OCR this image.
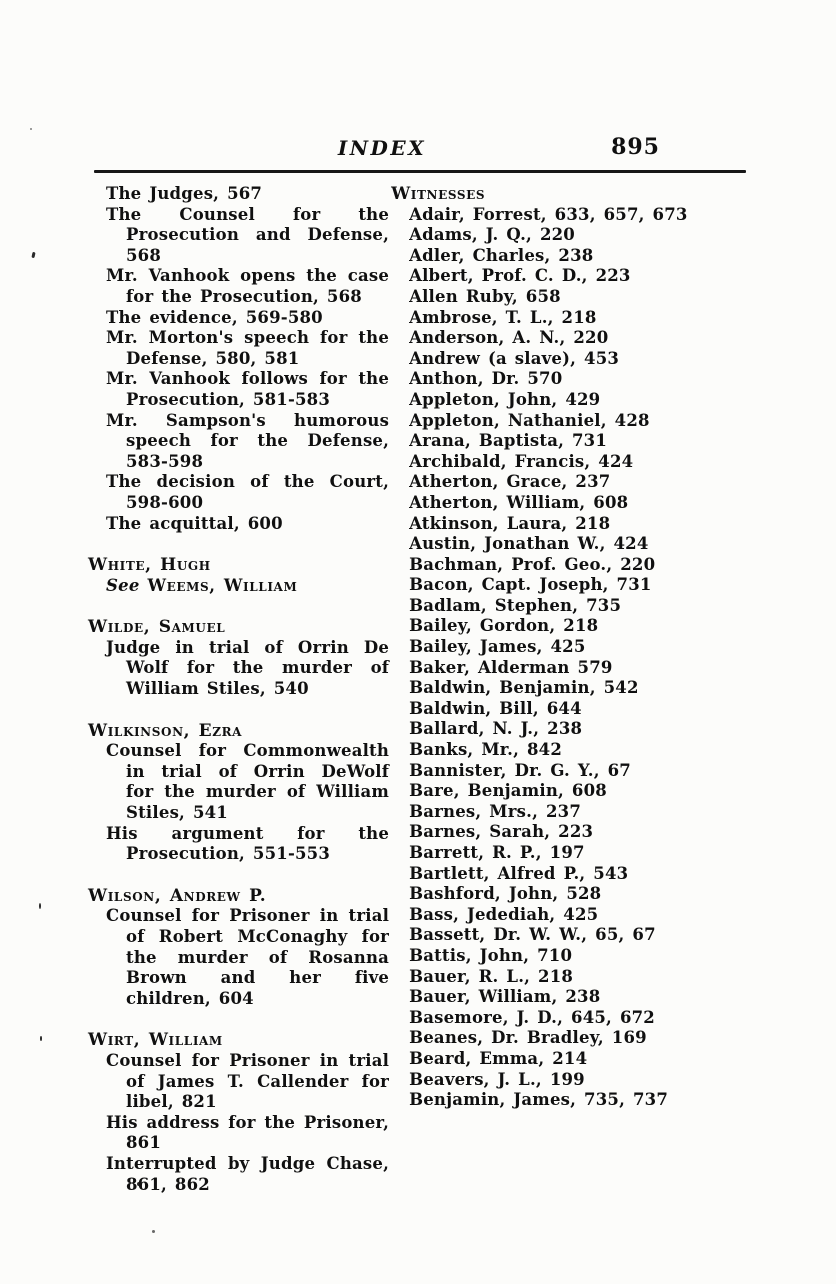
INDEX	895

The Judges, 567

The Counsel for the Prosecution and Defense, 568

Mr. Vanhook opens the case for the Prosecution, 568

The evidence, 569-580

Mr. Morton's speech for the Defense, 580, 581

Mr. Vanhook follows for the Prosecution, 581-583

Mr. Sampson's humorous speech for the Defense, 583-598

The decision of the Court, 598-600

The acquittal, 600

White, Hugh

See Weems, William

Wilde, Samuel

Judge in trial of Orrin De Wolf for the murder of William Stiles, 540

Wilkinson, Ezra

Counsel for Commonwealth in trial of Orrin DeWolf for the murder of William Stiles, 541

His argument for the Prosecution, 551-553

Wilson, Andrew P.

Counsel for Prisoner in trial of Robert McConaghy for the murder of Rosanna Brown and her five children, 604

Wirt, William

Counsel for Prisoner in trial of James T. Callender for libel, 821

His address for the Prisoner, 861

Interrupted by Judge Chase, 861, 862

Witnesses

Adair, Forrest, 633, 657, 673

Adams, J. Q., 220

Adler, Charles, 238

Albert, Prof. C. D., 223

Allen Ruby, 658

Ambrose, T. L., 218

Anderson, A. N., 220

Andrew (a slave), 453

Anthon, Dr. 570

Appleton, John, 429

Appleton, Nathaniel, 428

Arana, Baptista, 731

Archibald, Francis, 424

Atherton, Grace, 237

Atherton, William, 608

Atkinson, Laura, 218

Austin, Jonathan W., 424

Bachman, Prof. Geo., 220

Bacon, Capt. Joseph, 731

Badlam, Stephen, 735

Bailey, Gordon, 218

Bailey, James, 425

Baker, Alderman 579

Baldwin, Benjamin, 542

Baldwin, Bill, 644

Ballard, N. J., 238

Banks, Mr., 842

Bannister, Dr. G. Y., 67

Bare, Benjamin, 608

Barnes, Mrs., 237

Barnes, Sarah, 223

Barrett, R. P., 197

Bartlett, Alfred P., 543

Bashford, John, 528

Bass, Jedediah, 425

Bassett, Dr. W. W., 65, 67

Battis, John, 710

Bauer, R. L., 218

Bauer, William, 238

Basemore, J. D., 645, 672

Beanes, Dr. Bradley, 169

Beard, Emma, 214

Beavers, J. L., 199

Benjamin, James, 735, 737
